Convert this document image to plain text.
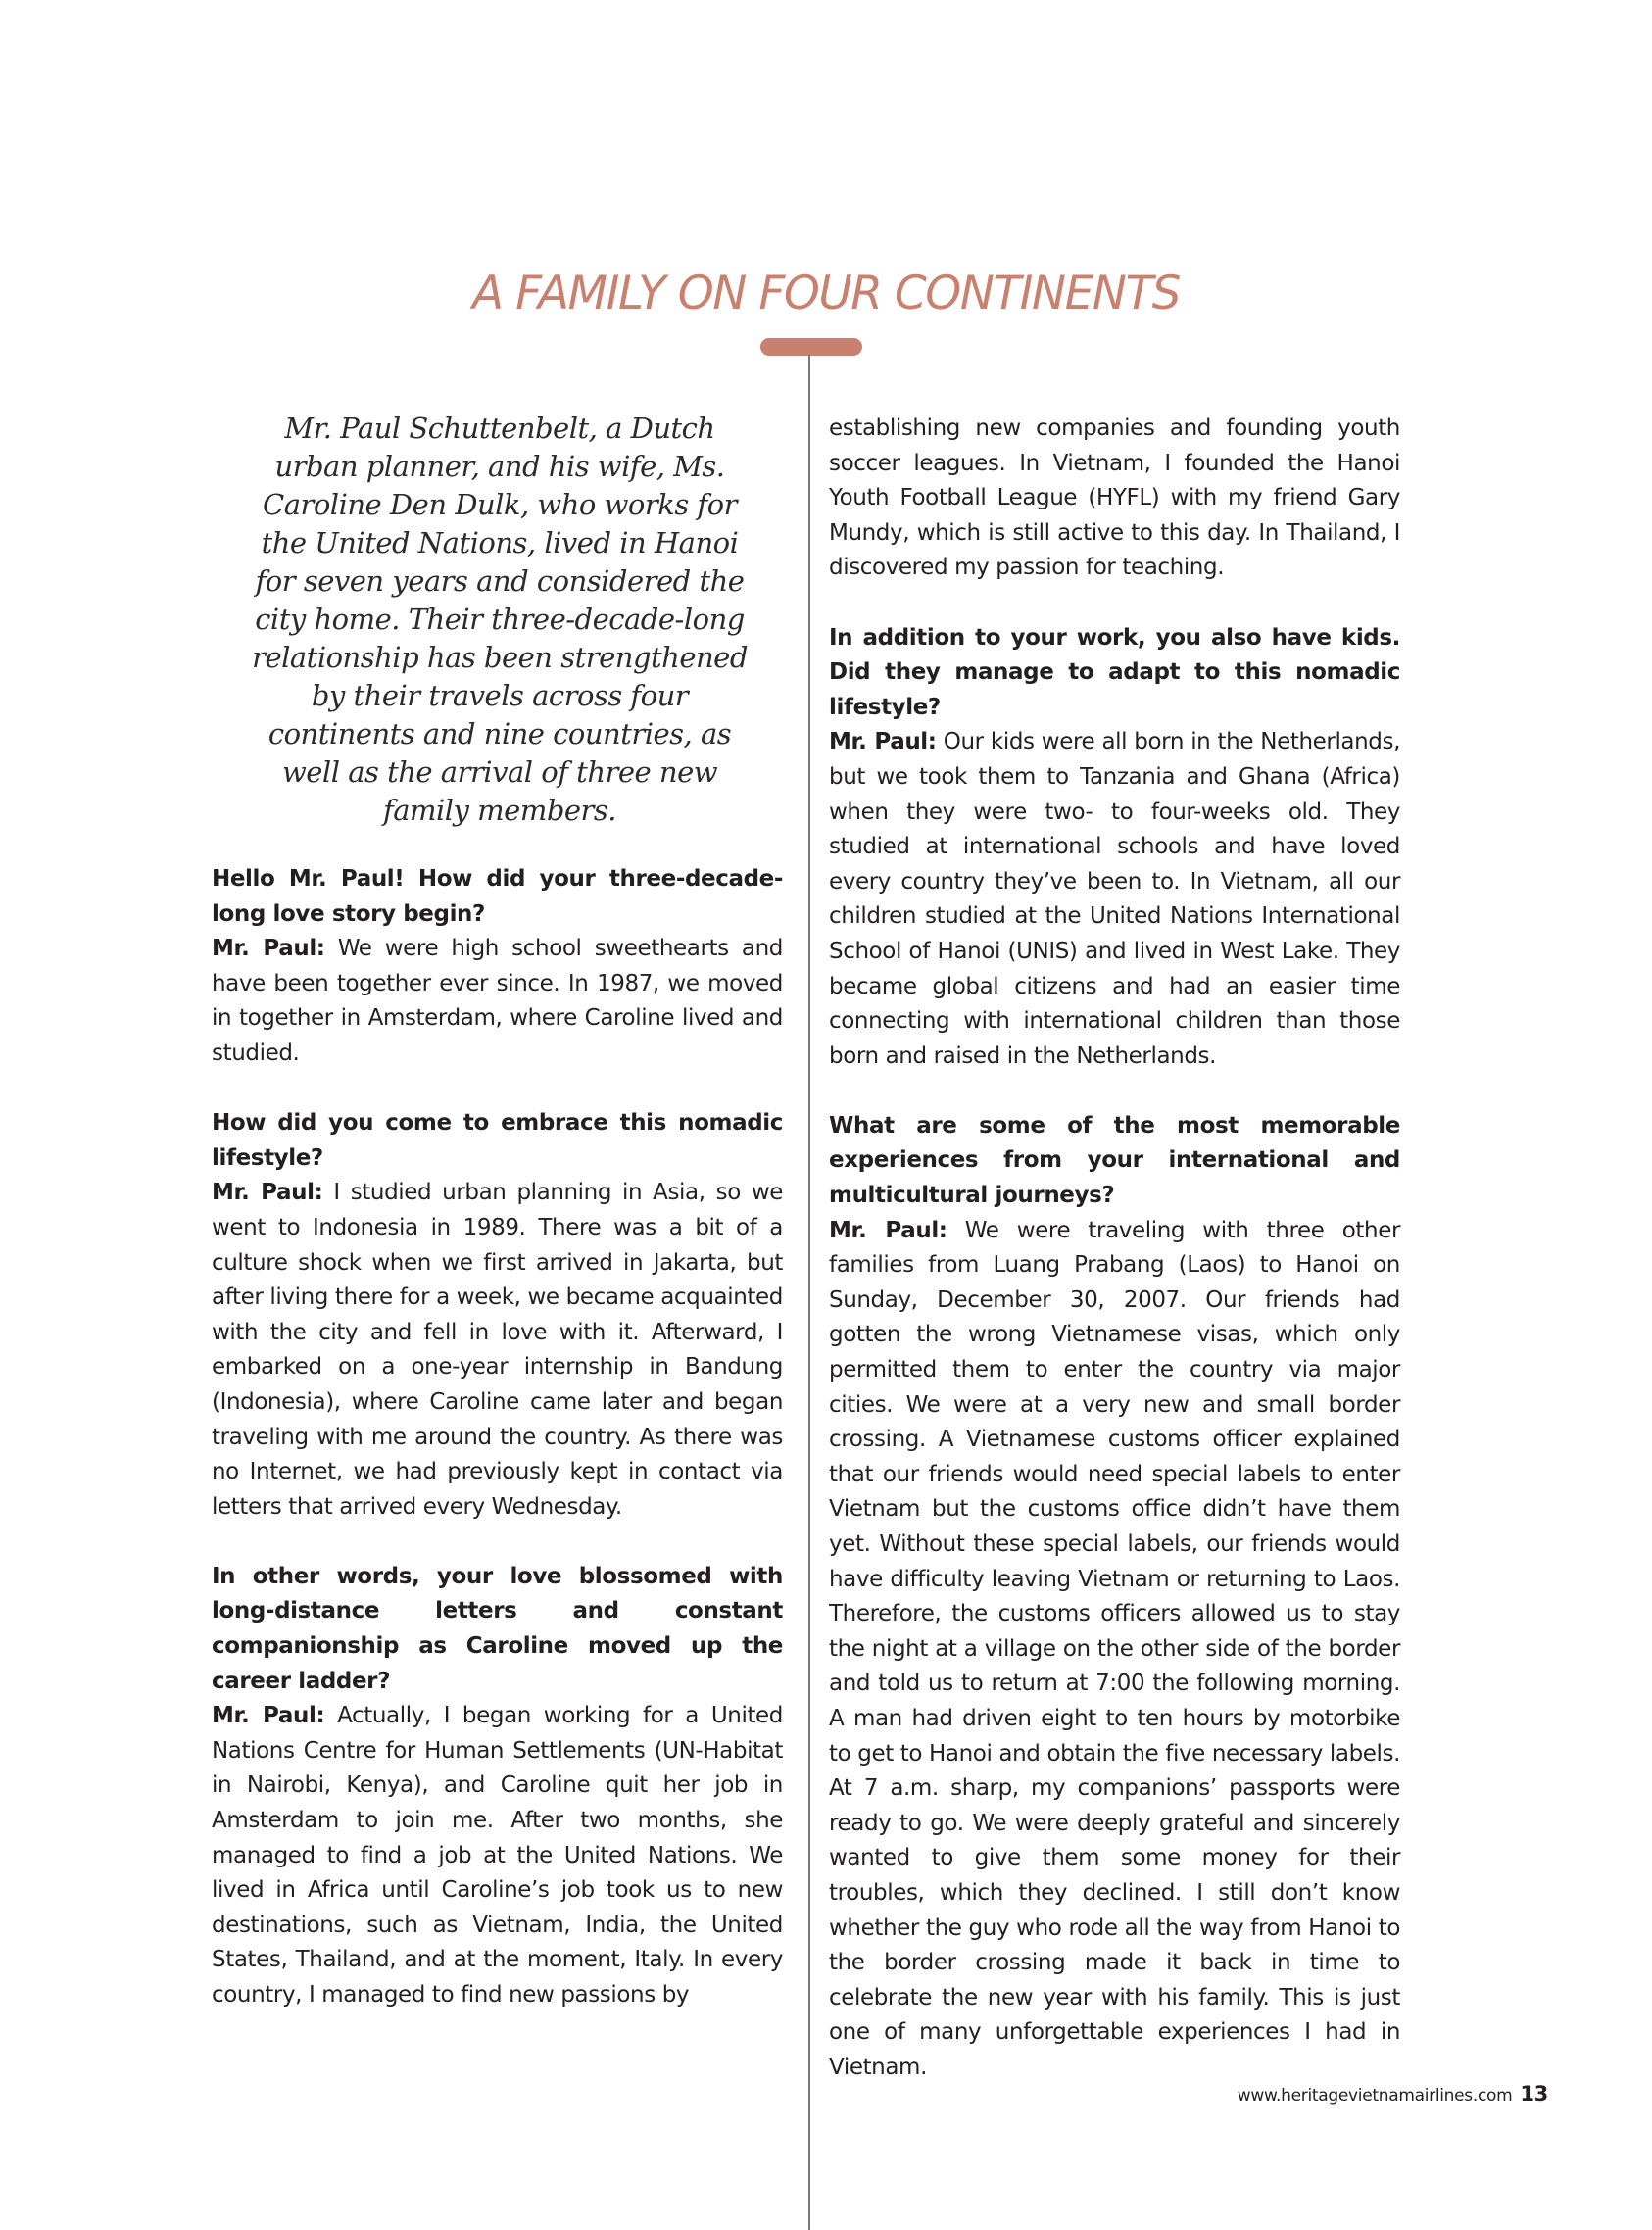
A FAMILY ON FOUR CONTINENTS
Mr. Paul Schuttenbelt, a Dutch urban planner, and his wife, Ms. Caroline Den Dulk, who works for the United Nations, lived in Hanoi for seven years and considered the city home. Their three-decade-long relationship has been strengthened by their travels across four continents and nine countries, as well as the arrival of three new family members.
Hello Mr. Paul! How did your three-decade-long love story begin?
Mr. Paul: We were high school sweethearts and have been together ever since. In 1987, we moved in together in Amsterdam, where Caroline lived and studied.
How did you come to embrace this nomadic lifestyle?
Mr. Paul: I studied urban planning in Asia, so we went to Indonesia in 1989. There was a bit of a culture shock when we first arrived in Jakarta, but after living there for a week, we became acquainted with the city and fell in love with it. Afterward, I embarked on a one-year internship in Bandung (Indonesia), where Caroline came later and began traveling with me around the country. As there was no Internet, we had previously kept in contact via letters that arrived every Wednesday.
In other words, your love blossomed with long-distance letters and constant companionship as Caroline moved up the career ladder?
Mr. Paul: Actually, I began working for a United Nations Centre for Human Settlements (UN-Habitat in Nairobi, Kenya), and Caroline quit her job in Amsterdam to join me. After two months, she managed to find a job at the United Nations. We lived in Africa until Caroline’s job took us to new destinations, such as Vietnam, India, the United States, Thailand, and at the moment, Italy. In every country, I managed to find new passions by
establishing new companies and founding youth soccer leagues. In Vietnam, I founded the Hanoi Youth Football League (HYFL) with my friend Gary Mundy, which is still active to this day. In Thailand, I discovered my passion for teaching.
In addition to your work, you also have kids. Did they manage to adapt to this nomadic lifestyle?
Mr. Paul: Our kids were all born in the Netherlands, but we took them to Tanzania and Ghana (Africa) when they were two- to four-weeks old. They studied at international schools and have loved every country they’ve been to. In Vietnam, all our children studied at the United Nations International School of Hanoi (UNIS) and lived in West Lake. They became global citizens and had an easier time connecting with international children than those born and raised in the Netherlands.
What are some of the most memorable experiences from your international and multicultural journeys?
Mr. Paul: We were traveling with three other families from Luang Prabang (Laos) to Hanoi on Sunday, December 30, 2007. Our friends had gotten the wrong Vietnamese visas, which only permitted them to enter the country via major cities. We were at a very new and small border crossing. A Vietnamese customs officer explained that our friends would need special labels to enter Vietnam but the customs office didn’t have them yet. Without these special labels, our friends would have difficulty leaving Vietnam or returning to Laos. Therefore, the customs officers allowed us to stay the night at a village on the other side of the border and told us to return at 7:00 the following morning. A man had driven eight to ten hours by motorbike to get to Hanoi and obtain the five necessary labels. At 7 a.m. sharp, my companions’ passports were ready to go. We were deeply grateful and sincerely wanted to give them some money for their troubles, which they declined. I still don’t know whether the guy who rode all the way from Hanoi to the border crossing made it back in time to celebrate the new year with his family. This is just one of many unforgettable experiences I had in Vietnam.
www.heritagevietnamairlines.com 13
